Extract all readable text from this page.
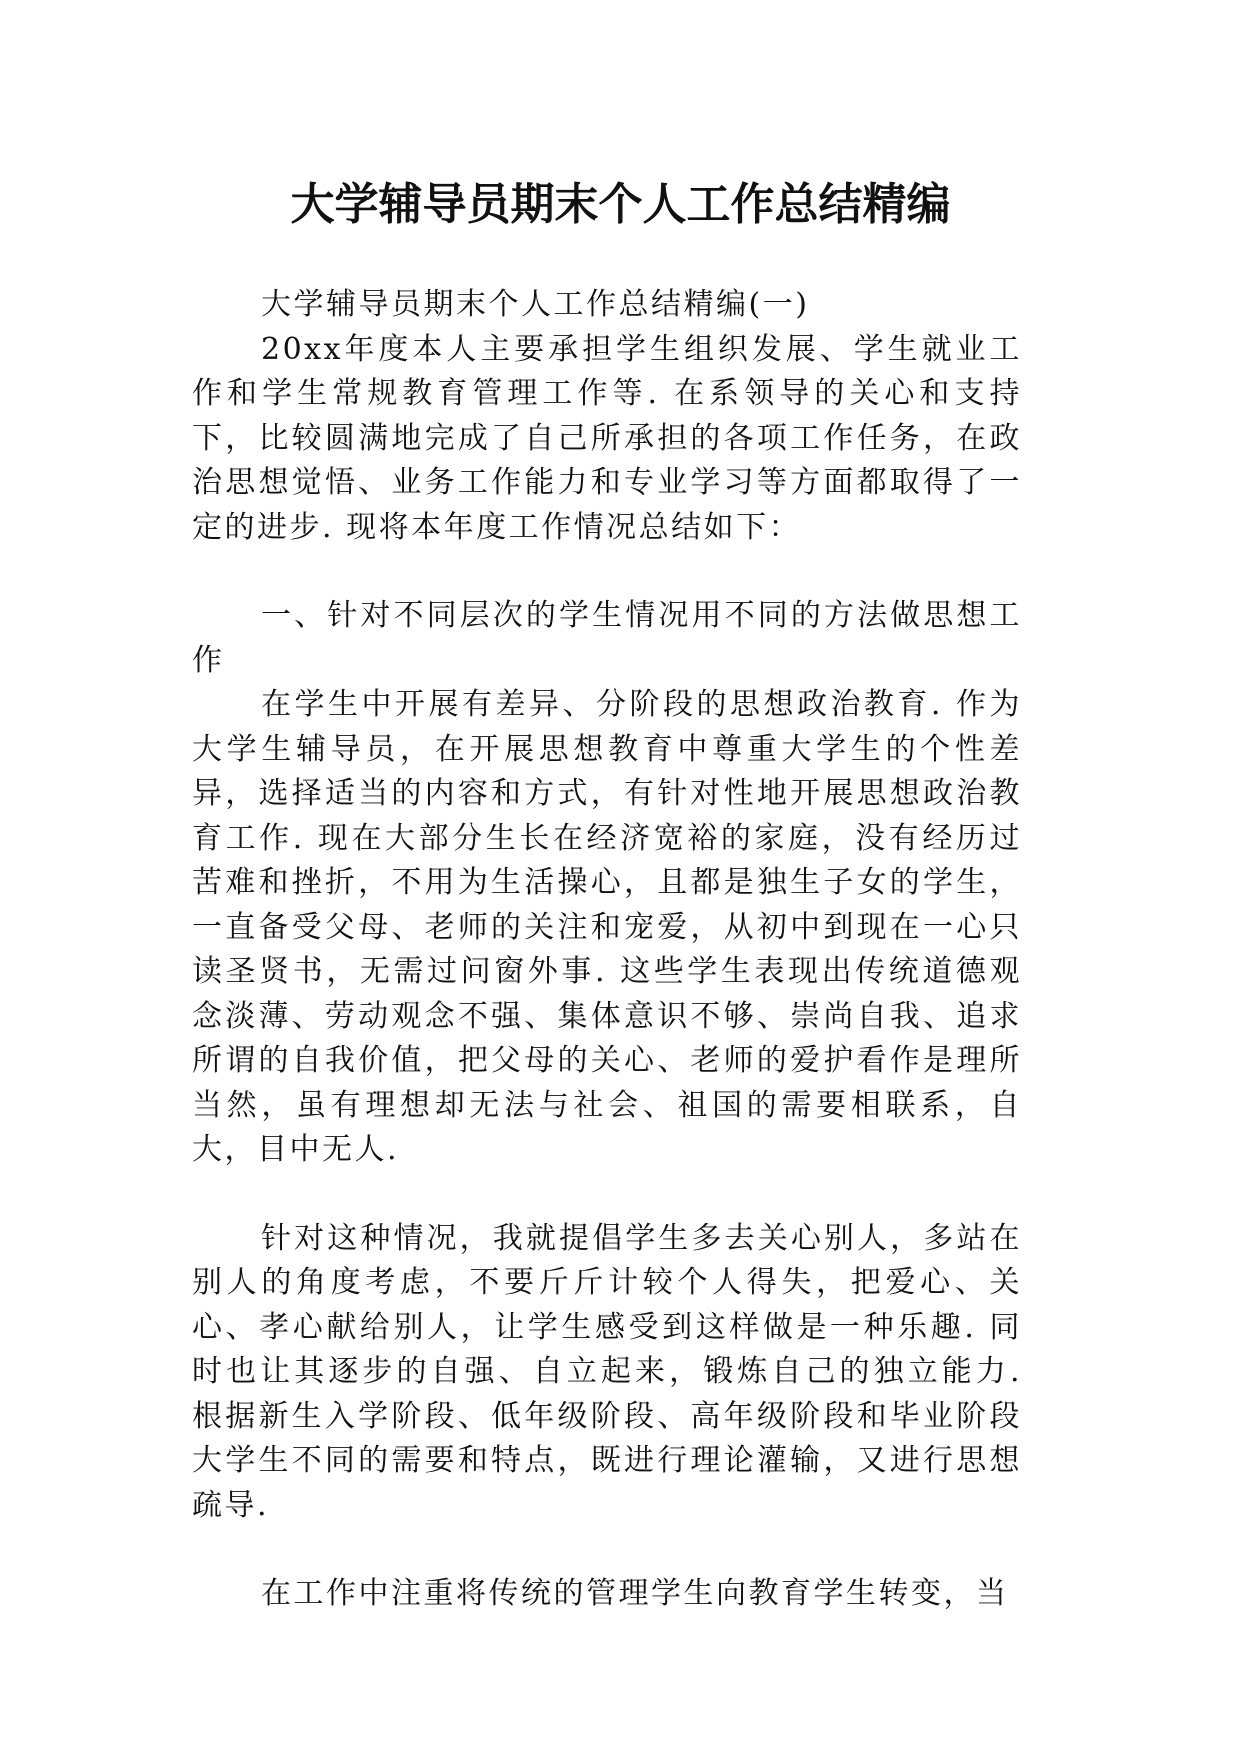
大学辅导员期末个人工作总结精编

大学辅导员期末个人工作总结精编(一)

20xx年度本人主要承担学生组织发展、学生就业工作和学生常规教育管理工作等. 在系领导的关心和支持下，比较圆满地完成了自己所承担的各项工作任务，在政治思想觉悟、业务工作能力和专业学习等方面都取得了一定的进步. 现将本年度工作情况总结如下：

一、针对不同层次的学生情况用不同的方法做思想工作

在学生中开展有差异、分阶段的思想政治教育. 作为大学生辅导员，在开展思想教育中尊重大学生的个性差异，选择适当的内容和方式，有针对性地开展思想政治教育工作. 现在大部分生长在经济宽裕的家庭，没有经历过苦难和挫折，不用为生活操心，且都是独生子女的学生，一直备受父母、老师的关注和宠爱，从初中到现在一心只读圣贤书，无需过问窗外事. 这些学生表现出传统道德观念淡薄、劳动观念不强、集体意识不够、崇尚自我、追求所谓的自我价值，把父母的关心、老师的爱护看作是理所当然，虽有理想却无法与社会、祖国的需要相联系，自大，目中无人.

针对这种情况，我就提倡学生多去关心别人，多站在别人的角度考虑，不要斤斤计较个人得失，把爱心、关心、孝心献给别人，让学生感受到这样做是一种乐趣. 同时也让其逐步的自强、自立起来，锻炼自己的独立能力. 根据新生入学阶段、低年级阶段、高年级阶段和毕业阶段大学生不同的需要和特点，既进行理论灌输，又进行思想疏导.

在工作中注重将传统的管理学生向教育学生转变，当
